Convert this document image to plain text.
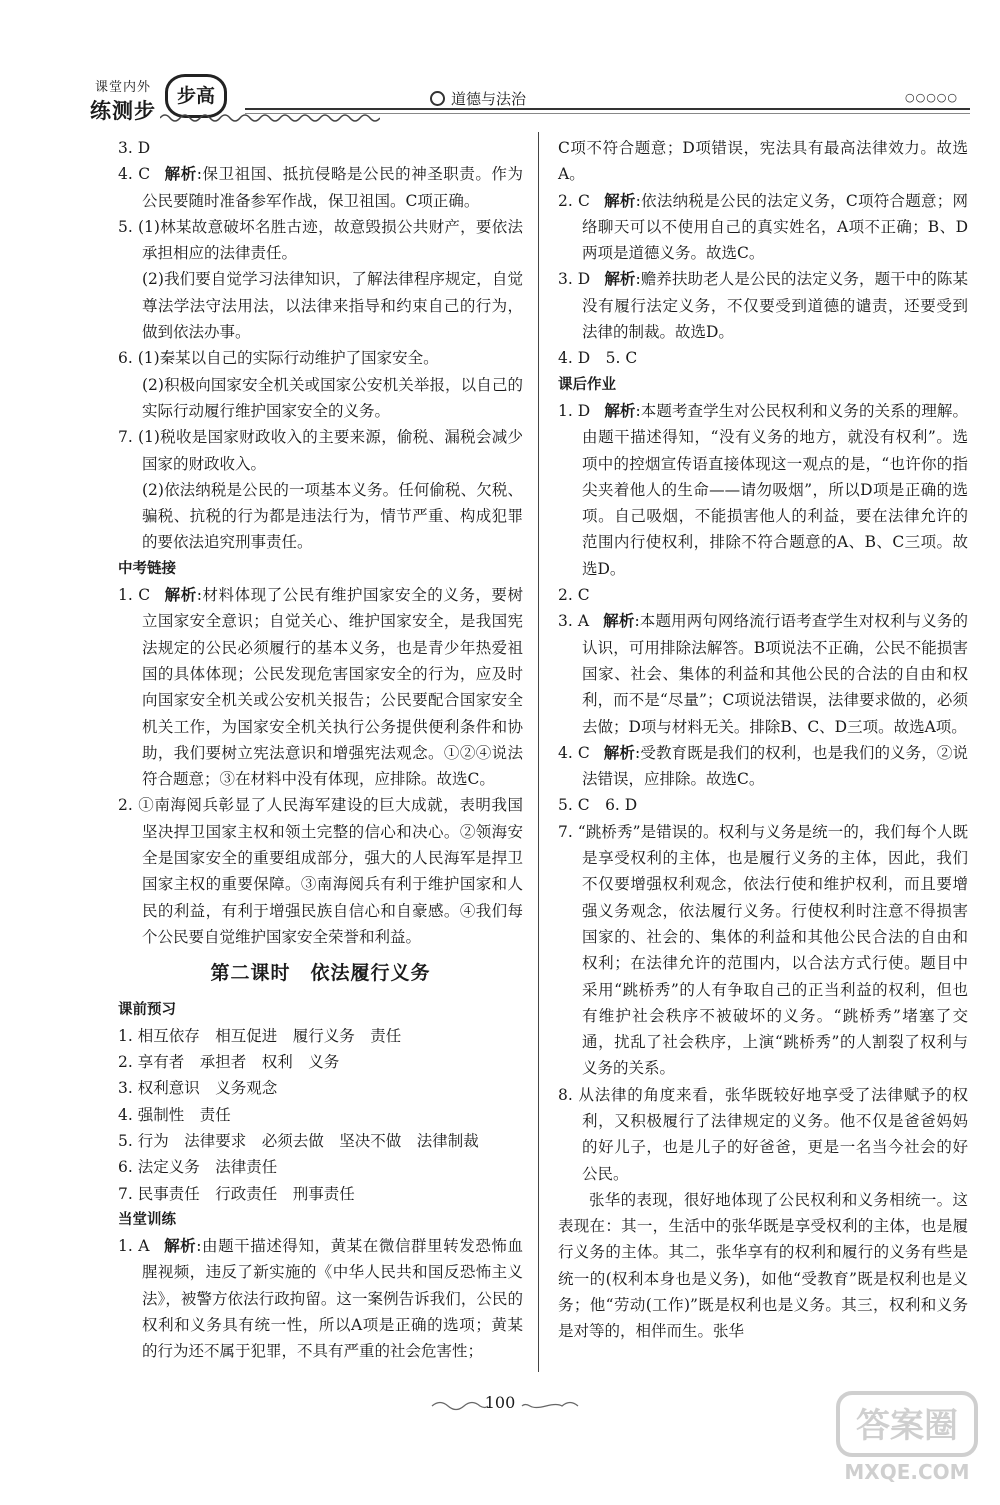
课堂内外
练测步
步高	道德与法治	○○○○○

3. D

4. C 解析:保卫祖国、抵抗侵略是公民的神圣职责。作为公民要随时准备参军作战，保卫祖国。C项正确。

5. (1)林某故意破坏名胜古迹，故意毁损公共财产，要依法承担相应的法律责任。

(2)我们要自觉学习法律知识，了解法律程序规定，自觉尊法学法守法用法，以法律来指导和约束自己的行为，做到依法办事。

6. (1)秦某以自己的实际行动维护了国家安全。

(2)积极向国家安全机关或国家公安机关举报，以自己的实际行动履行维护国家安全的义务。

7. (1)税收是国家财政收入的主要来源，偷税、漏税会减少国家的财政收入。

(2)依法纳税是公民的一项基本义务。任何偷税、欠税、骗税、抗税的行为都是违法行为，情节严重、构成犯罪的要依法追究刑事责任。

中考链接

1. C 解析:材料体现了公民有维护国家安全的义务，要树立国家安全意识；自觉关心、维护国家安全，是我国宪法规定的公民必须履行的基本义务，也是青少年热爱祖国的具体体现；公民发现危害国家安全的行为，应及时向国家安全机关或公安机关报告；公民要配合国家安全机关工作，为国家安全机关执行公务提供便利条件和协助，我们要树立宪法意识和增强宪法观念。①②④说法符合题意；③在材料中没有体现，应排除。故选C。

2. ①南海阅兵彰显了人民海军建设的巨大成就，表明我国坚决捍卫国家主权和领土完整的信心和决心。②领海安全是国家安全的重要组成部分，强大的人民海军是捍卫国家主权的重要保障。③南海阅兵有利于维护国家和人民的利益，有利于增强民族自信心和自豪感。④我们每个公民要自觉维护国家安全荣誉和利益。

第二课时　依法履行义务

课前预习

1. 相互依存　相互促进　履行义务　责任

2. 享有者　承担者　权利　义务

3. 权利意识　义务观念

4. 强制性　责任

5. 行为　法律要求　必须去做　坚决不做　法律制裁

6. 法定义务　法律责任

7. 民事责任　行政责任　刑事责任

当堂训练

1. A 解析:由题干描述得知，黄某在微信群里转发恐怖血腥视频，违反了新实施的《中华人民共和国反恐怖主义法》，被警方依法行政拘留。这一案例告诉我们，公民的权利和义务具有统一性，所以A项是正确的选项；黄某的行为还不属于犯罪，不具有严重的社会危害性；

C项不符合题意；D项错误，宪法具有最高法律效力。故选A。

2. C 解析:依法纳税是公民的法定义务，C项符合题意；网络聊天可以不使用自己的真实姓名，A项不正确；B、D两项是道德义务。故选C。

3. D 解析:赡养扶助老人是公民的法定义务，题干中的陈某没有履行法定义务，不仅要受到道德的谴责，还要受到法律的制裁。故选D。

4. D　5. C

课后作业

1. D 解析:本题考查学生对公民权利和义务的关系的理解。由题干描述得知，“没有义务的地方，就没有权利”。选项中的控烟宣传语直接体现这一观点的是，“也许你的指尖夹着他人的生命——请勿吸烟”，所以D项是正确的选项。自己吸烟，不能损害他人的利益，要在法律允许的范围内行使权利，排除不符合题意的A、B、C三项。故选D。

2. C

3. A 解析:本题用两句网络流行语考查学生对权利与义务的认识，可用排除法解答。B项说法不正确，公民不能损害国家、社会、集体的利益和其他公民的合法的自由和权利，而不是“尽量”；C项说法错误，法律要求做的，必须去做；D项与材料无关。排除B、C、D三项。故选A项。

4. C 解析:受教育既是我们的权利，也是我们的义务，②说法错误，应排除。故选C。

5. C　6. D

7. “跳桥秀”是错误的。权利与义务是统一的，我们每个人既是享受权利的主体，也是履行义务的主体，因此，我们不仅要增强权利观念，依法行使和维护权利，而且要增强义务观念，依法履行义务。行使权利时注意不得损害国家的、社会的、集体的利益和其他公民合法的自由和权利；在法律允许的范围内，以合法方式行使。题目中采用“跳桥秀”的人有争取自己的正当利益的权利，但也有维护社会秩序不被破坏的义务。“跳桥秀”堵塞了交通，扰乱了社会秩序，上演“跳桥秀”的人割裂了权利与义务的关系。

8. 从法律的角度来看，张华既较好地享受了法律赋予的权利，又积极履行了法律规定的义务。他不仅是爸爸妈妈的好儿子，也是儿子的好爸爸，更是一名当今社会的好公民。

张华的表现，很好地体现了公民权利和义务相统一。这表现在：其一，生活中的张华既是享受权利的主体，也是履行义务的主体。其二，张华享有的权利和履行的义务有些是统一的(权利本身也是义务)，如他“受教育”既是权利也是义务；他“劳动(工作)”既是权利也是义务。其三，权利和义务是对等的，相伴而生。张华

100
答案圈
MXQE.COM
